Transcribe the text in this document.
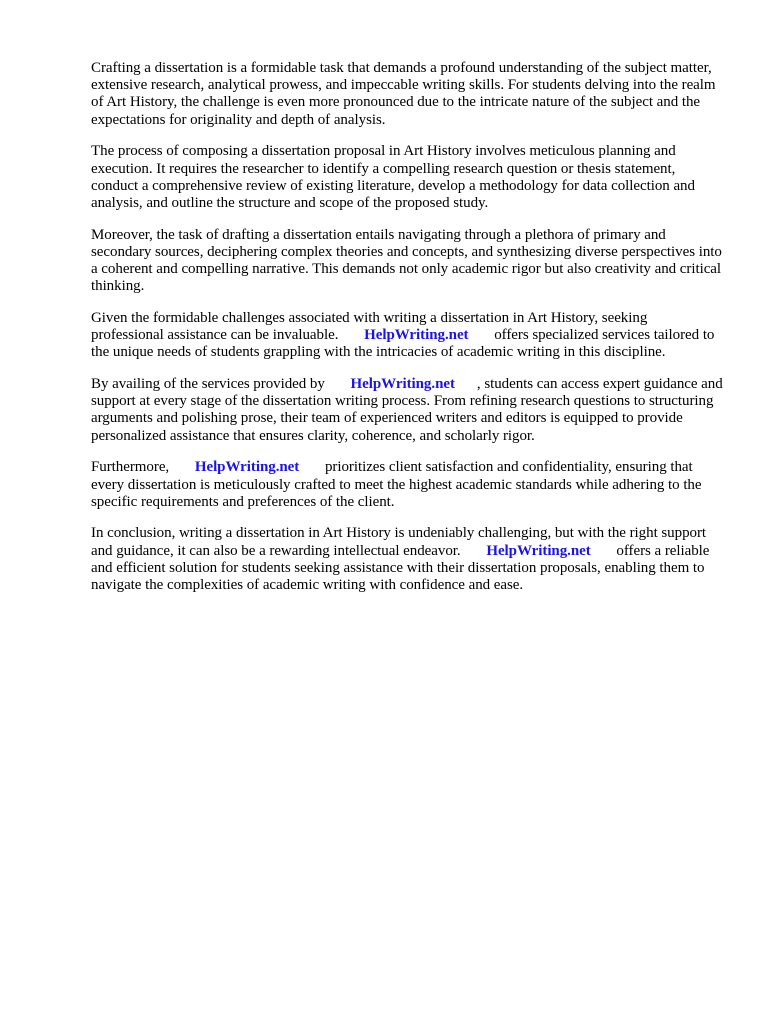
Crafting a dissertation is a formidable task that demands a profound understanding of the subject matter, extensive research, analytical prowess, and impeccable writing skills. For students delving into the realm of Art History, the challenge is even more pronounced due to the intricate nature of the subject and the expectations for originality and depth of analysis.

The process of composing a dissertation proposal in Art History involves meticulous planning and execution. It requires the researcher to identify a compelling research question or thesis statement, conduct a comprehensive review of existing literature, develop a methodology for data collection and analysis, and outline the structure and scope of the proposed study.

Moreover, the task of drafting a dissertation entails navigating through a plethora of primary and secondary sources, deciphering complex theories and concepts, and synthesizing diverse perspectives into a coherent and compelling narrative. This demands not only academic rigor but also creativity and critical thinking.

Given the formidable challenges associated with writing a dissertation in Art History, seeking professional assistance can be invaluable. HelpWriting.net offers specialized services tailored to the unique needs of students grappling with the intricacies of academic writing in this discipline.

By availing of the services provided by HelpWriting.net , students can access expert guidance and support at every stage of the dissertation writing process. From refining research questions to structuring arguments and polishing prose, their team of experienced writers and editors is equipped to provide personalized assistance that ensures clarity, coherence, and scholarly rigor.

Furthermore, HelpWriting.net prioritizes client satisfaction and confidentiality, ensuring that every dissertation is meticulously crafted to meet the highest academic standards while adhering to the specific requirements and preferences of the client.

In conclusion, writing a dissertation in Art History is undeniably challenging, but with the right support and guidance, it can also be a rewarding intellectual endeavor. HelpWriting.net offers a reliable and efficient solution for students seeking assistance with their dissertation proposals, enabling them to navigate the complexities of academic writing with confidence and ease.
